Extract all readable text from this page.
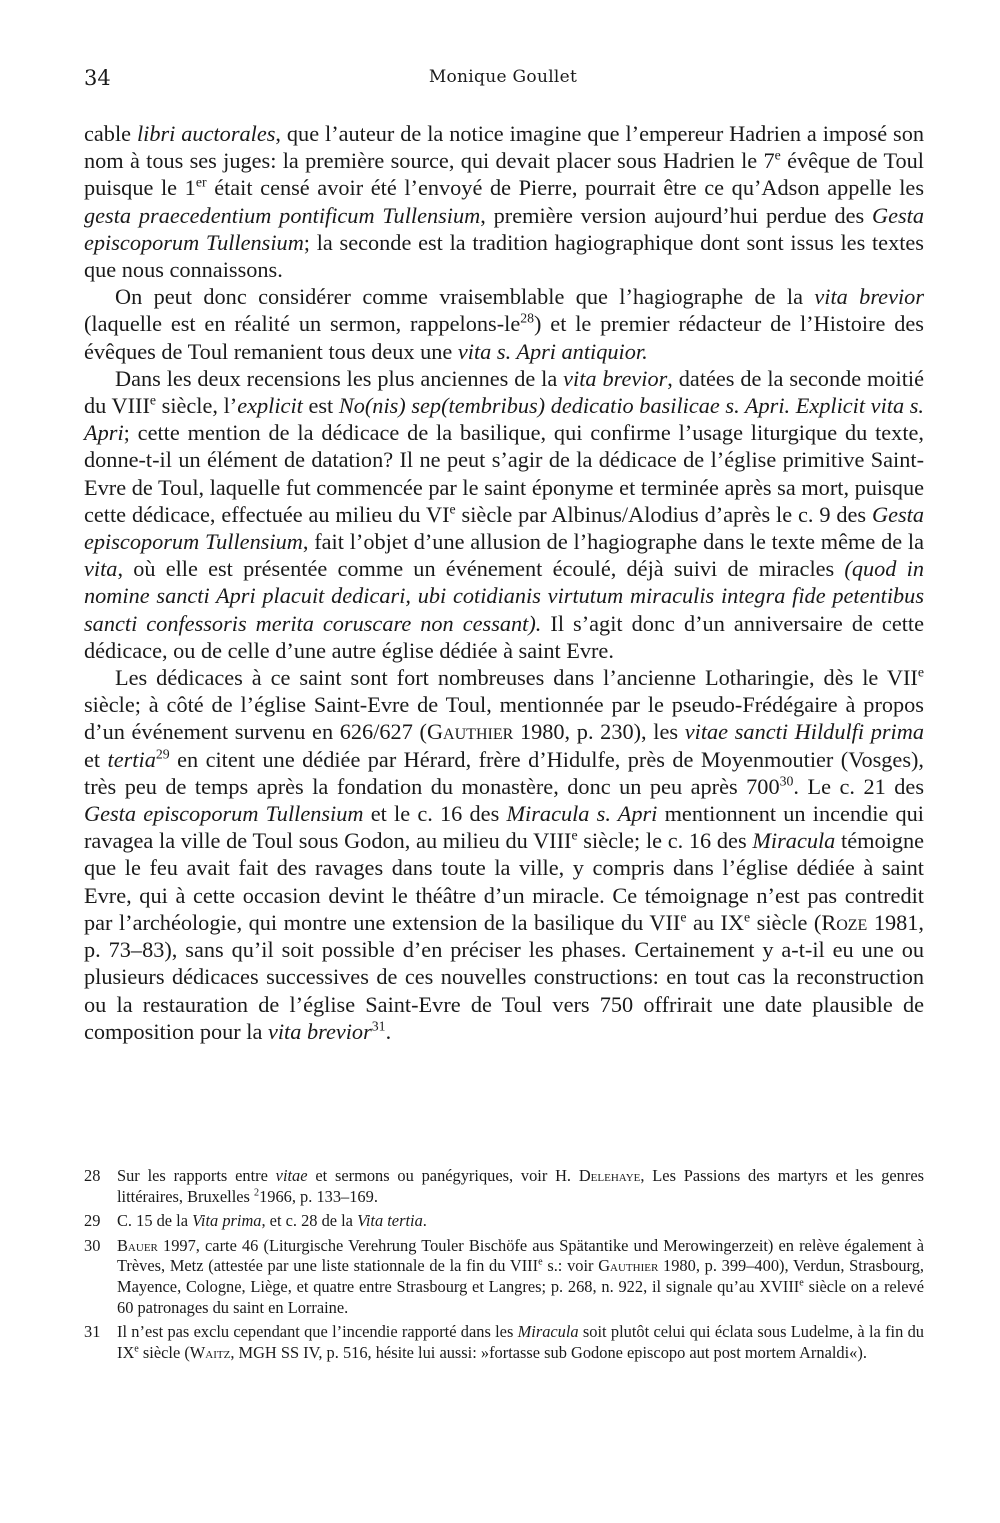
34	Monique Goullet

cable libri auctorales, que l’auteur de la notice imagine que l’empereur Hadrien a imposé son nom à tous ses juges: la première source, qui devait placer sous Hadrien le 7e évêque de Toul puisque le 1er était censé avoir été l’envoyé de Pierre, pourrait être ce qu’Adson appelle les gesta praecedentium pontificum Tullensium, première version aujourd’hui perdue des Gesta episcoporum Tullensium; la seconde est la tradition hagiographique dont sont issus les textes que nous connaissons.

On peut donc considérer comme vraisemblable que l’hagiographe de la vita brevior (laquelle est en réalité un sermon, rappelons-$le^{28}$) et le premier rédacteur de l’Histoire des évêques de Toul remanient tous deux une vita s. Apri antiquior.

Dans les deux recensions les plus anciennes de la vita brevior, datées de la seconde moitié du VIIIe siècle, l’explicit est No(nis) sep(tembribus) dedicatio basilicae s. Apri. Explicit vita s. Apri; cette mention de la dédicace de la basilique, qui confirme l’usage liturgique du texte, donne-t-il un élément de datation? Il ne peut s’agir de la dédicace de l’église primitive Saint-Evre de Toul, laquelle fut commencée par le saint éponyme et terminée après sa mort, puisque cette dédicace, effectuée au milieu du VIe siècle par Albinus/Alodius d’après le c. 9 des Gesta episcoporum Tullensium, fait l’objet d’une allusion de l’hagiographe dans le texte même de la vita, où elle est présentée comme un événement écoulé, déjà suivi de miracles (quod in nomine sancti Apri placuit dedicari, ubi cotidianis virtutum miraculis integra fide petentibus sancti confessoris merita coruscare non cessant). Il s’agit donc d’un anniversaire de cette dédicace, ou de celle d’une autre église dédiée à saint Evre.

Les dédicaces à ce saint sont fort nombreuses dans l’ancienne Lotharingie, dès le VIIe siècle; à côté de l’église Saint-Evre de Toul, mentionnée par le pseudo-Frédégaire à propos d’un événement survenu en 626/627 (Gauthier 1980, p. 230), les vitae sancti Hildulfi prima et tertia$^{29}$ en citent une dédiée par Hérard, frère d’Hidulfe, près de Moyenmoutier (Vosges), très peu de temps après la fondation du monastère, donc un peu après $700^{30}$. Le c. 21 des Gesta episcoporum Tullensium et le c. 16 des Miracula s. Apri mentionnent un incendie qui ravagea la ville de Toul sous Godon, au milieu du VIIIe siècle; le c. 16 des Miracula témoigne que le feu avait fait des ravages dans toute la ville, y compris dans l’église dédiée à saint Evre, qui à cette occasion devint le théâtre d’un miracle. Ce témoignage n’est pas contredit par l’archéologie, qui montre une extension de la basilique du VIIe au IXe siècle (Roze 1981, p. 73–83), sans qu’il soit possible d’en préciser les phases. Certainement y a-t-il eu une ou plusieurs dédicaces successives de ces nouvelles constructions: en tout cas la reconstruction ou la restauration de l’église Saint-Evre de Toul vers 750 offrirait une date plausible de composition pour la vita brevior$^{31}$.

28 Sur les rapports entre vitae et sermons ou panégyriques, voir H. Delehaye, Les Passions des martyrs et les genres littéraires, Bruxelles $^2$1966, p. 133–169.
29 C. 15 de la Vita prima, et c. 28 de la Vita tertia.
30 Bauer 1997, carte 46 (Liturgische Verehrung Touler Bischöfe aus Spätantike und Merowingerzeit) en relève également à Trèves, Metz (attestée par une liste stationnale de la fin du VIIIe s.: voir Gauthier 1980, p. 399–400), Verdun, Strasbourg, Mayence, Cologne, Liège, et quatre entre Strasbourg et Langres; p. 268, n. 922, il signale qu’au XVIIIe siècle on a relevé 60 patronages du saint en Lorraine.
31 Il n’est pas exclu cependant que l’incendie rapporté dans les Miracula soit plutôt celui qui éclata sous Ludelme, à la fin du IXe siècle (Waitz, MGH SS IV, p. 516, hésite lui aussi: »fortasse sub Godone episcopo aut post mortem Arnaldi«).
